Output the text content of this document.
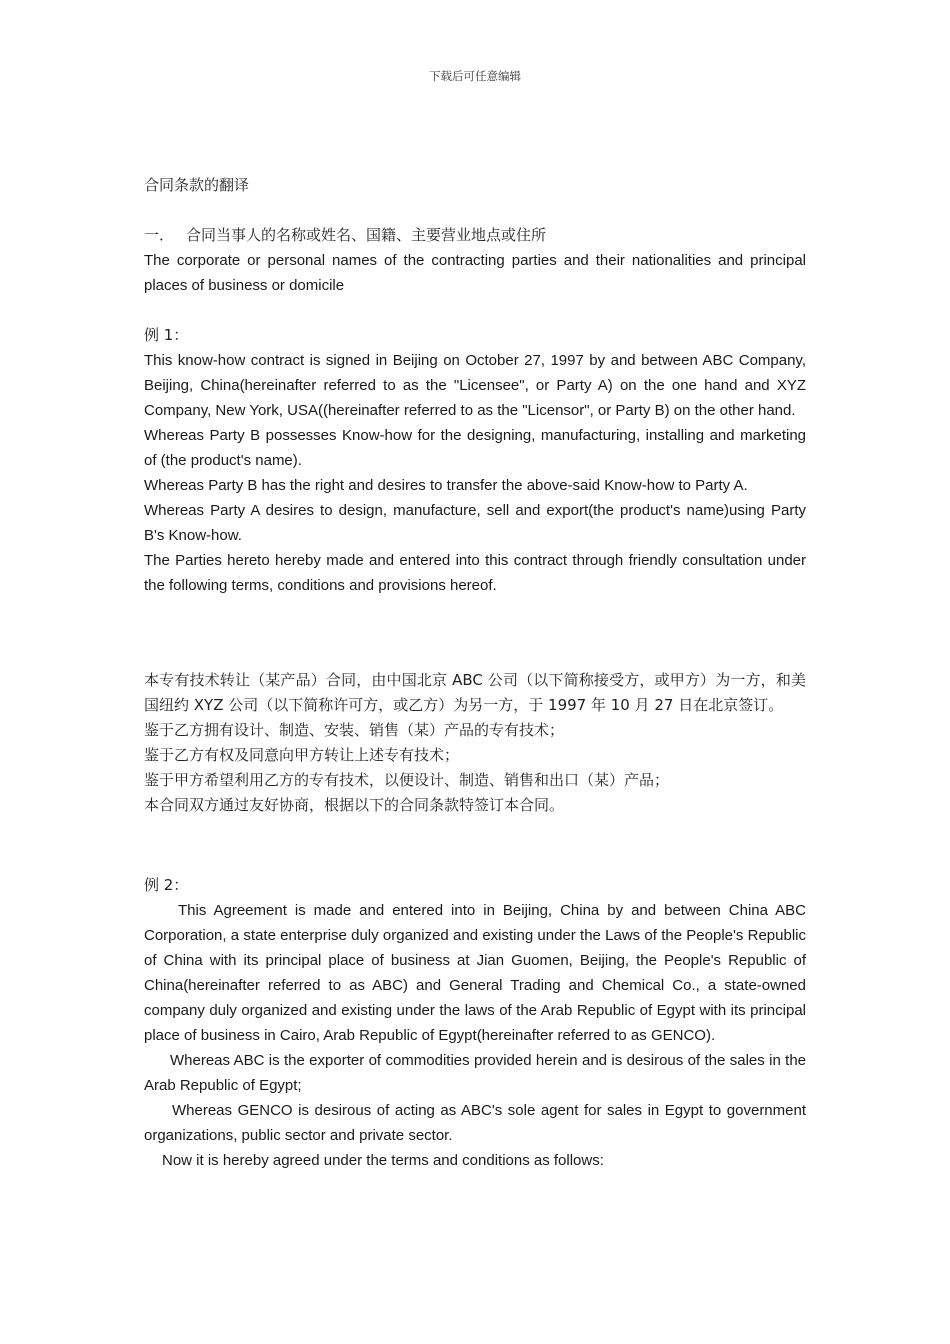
下载后可任意编辑

合同条款的翻译

一． 合同当事人的名称或姓名、国籍、主要营业地点或住所

The corporate or personal names of the contracting parties and their nationalities and principal places of business or domicile

例 1：

This know-how contract is signed in Beijing on October 27, 1997 by and between ABC Company, Beijing, China(hereinafter referred to as the "Licensee", or Party A) on the one hand and XYZ Company, New York, USA((hereinafter referred to as the "Licensor", or Party B) on the other hand.

Whereas Party B possesses Know-how for the designing, manufacturing, installing and marketing of (the product's name).

Whereas Party B has the right and desires to transfer the above-said Know-how to Party A.

Whereas Party A desires to design, manufacture, sell and export(the product's name)using Party B's Know-how.

The Parties hereto hereby made and entered into this contract through friendly consultation under the following terms, conditions and provisions hereof.

本专有技术转让（某产品）合同，由中国北京 ABC 公司（以下简称接受方，或甲方）为一方，和美国纽约 XYZ 公司（以下简称许可方，或乙方）为另一方，于 1997 年 10 月 27 日在北京签订。

鉴于乙方拥有设计、制造、安装、销售（某）产品的专有技术；

鉴于乙方有权及同意向甲方转让上述专有技术；

鉴于甲方希望利用乙方的专有技术，以便设计、制造、销售和出口（某）产品；

本合同双方通过友好协商，根据以下的合同条款特签订本合同。

例 2：

This Agreement is made and entered into in Beijing, China by and between China ABC Corporation, a state enterprise duly organized and existing under the Laws of the People's Republic of China with its principal place of business at Jian Guomen, Beijing, the People's Republic of China(hereinafter referred to as ABC) and General Trading and Chemical Co., a state-owned company duly organized and existing under the laws of the Arab Republic of Egypt with its principal place of business in Cairo, Arab Republic of Egypt(hereinafter referred to as GENCO).

Whereas ABC is the exporter of commodities provided herein and is desirous of the sales in the Arab Republic of Egypt;

Whereas GENCO is desirous of acting as ABC's sole agent for sales in Egypt to government organizations, public sector and private sector.

Now it is hereby agreed under the terms and conditions as follows:
